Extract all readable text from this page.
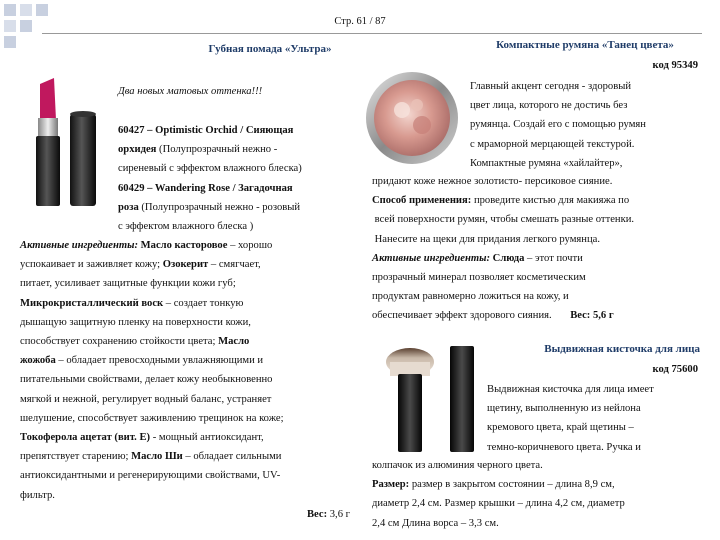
Стр. 61 / 87

Губная помада «Ультра»

Два новых матовых оттенка!!!

60427 – Optimistic Orchid / Сияющая

орхидея (Полупрозрачный нежно -

сиреневый с эффектом влажного блеска)

60429 – Wandering Rose / Загадочная

роза (Полупрозрачный нежно - розовый

с эффектом влажного блеска )

Активные ингредиенты: Масло касторовое – хорошо

успокаивает и заживляет кожу; Озокерит – смягчает,

питает, усиливает защитные функции кожи губ;

Микрокристаллический воск – создает тонкую

дышащую защитную пленку на поверхности кожи,

способствует сохранению стойкости цвета; Масло

жожоба – обладает превосходными увлажняющими и

питательными свойствами, делает кожу необыкновенно

мягкой и нежной, регулирует водный баланс, устраняет

шелушение, способствует заживлению трещинок на коже;

Токоферола ацетат (вит. Е) - мощный антиоксидант,

препятствует старению; Масло Ши – обладает сильными

антиоксидантными и регенерирующими свойствами, UV-

фильтр.

Вес: 3,6 г

Компактные румяна «Танец цвета»

код 95349

Главный акцент сегодня - здоровый

цвет лица, которого не достичь без

румянца. Создай его с помощью румян

с мраморной мерцающей текстурой.

Компактные румяна «хайлайтер»,

придают коже нежное золотисто- персиковое сияние.

Способ применения: проведите кистью для макияжа по

всей поверхности румян, чтобы смешать разные оттенки.

Нанесите на щеки для придания легкого румянца.

Активные ингредиенты: Слюда – этот почти

прозрачный минерал позволяет косметическим

продуктам равномерно ложиться на кожу, и

обеспечивает эффект здорового сияния. Вес: 5,6 г

Выдвижная кисточка для лица

код 75600

Выдвижная кисточка для лица имеет

щетину, выполненную из нейлона

кремового цвета, край щетины –

темно-коричневого цвета. Ручка и

колпачок из алюминия черного цвета.

Размер: размер в закрытом состоянии – длина 8,9 см,

диаметр 2,4 см. Размер крышки – длина 4,2 см, диаметр

2,4 см Длина ворса – 3,3 см.
